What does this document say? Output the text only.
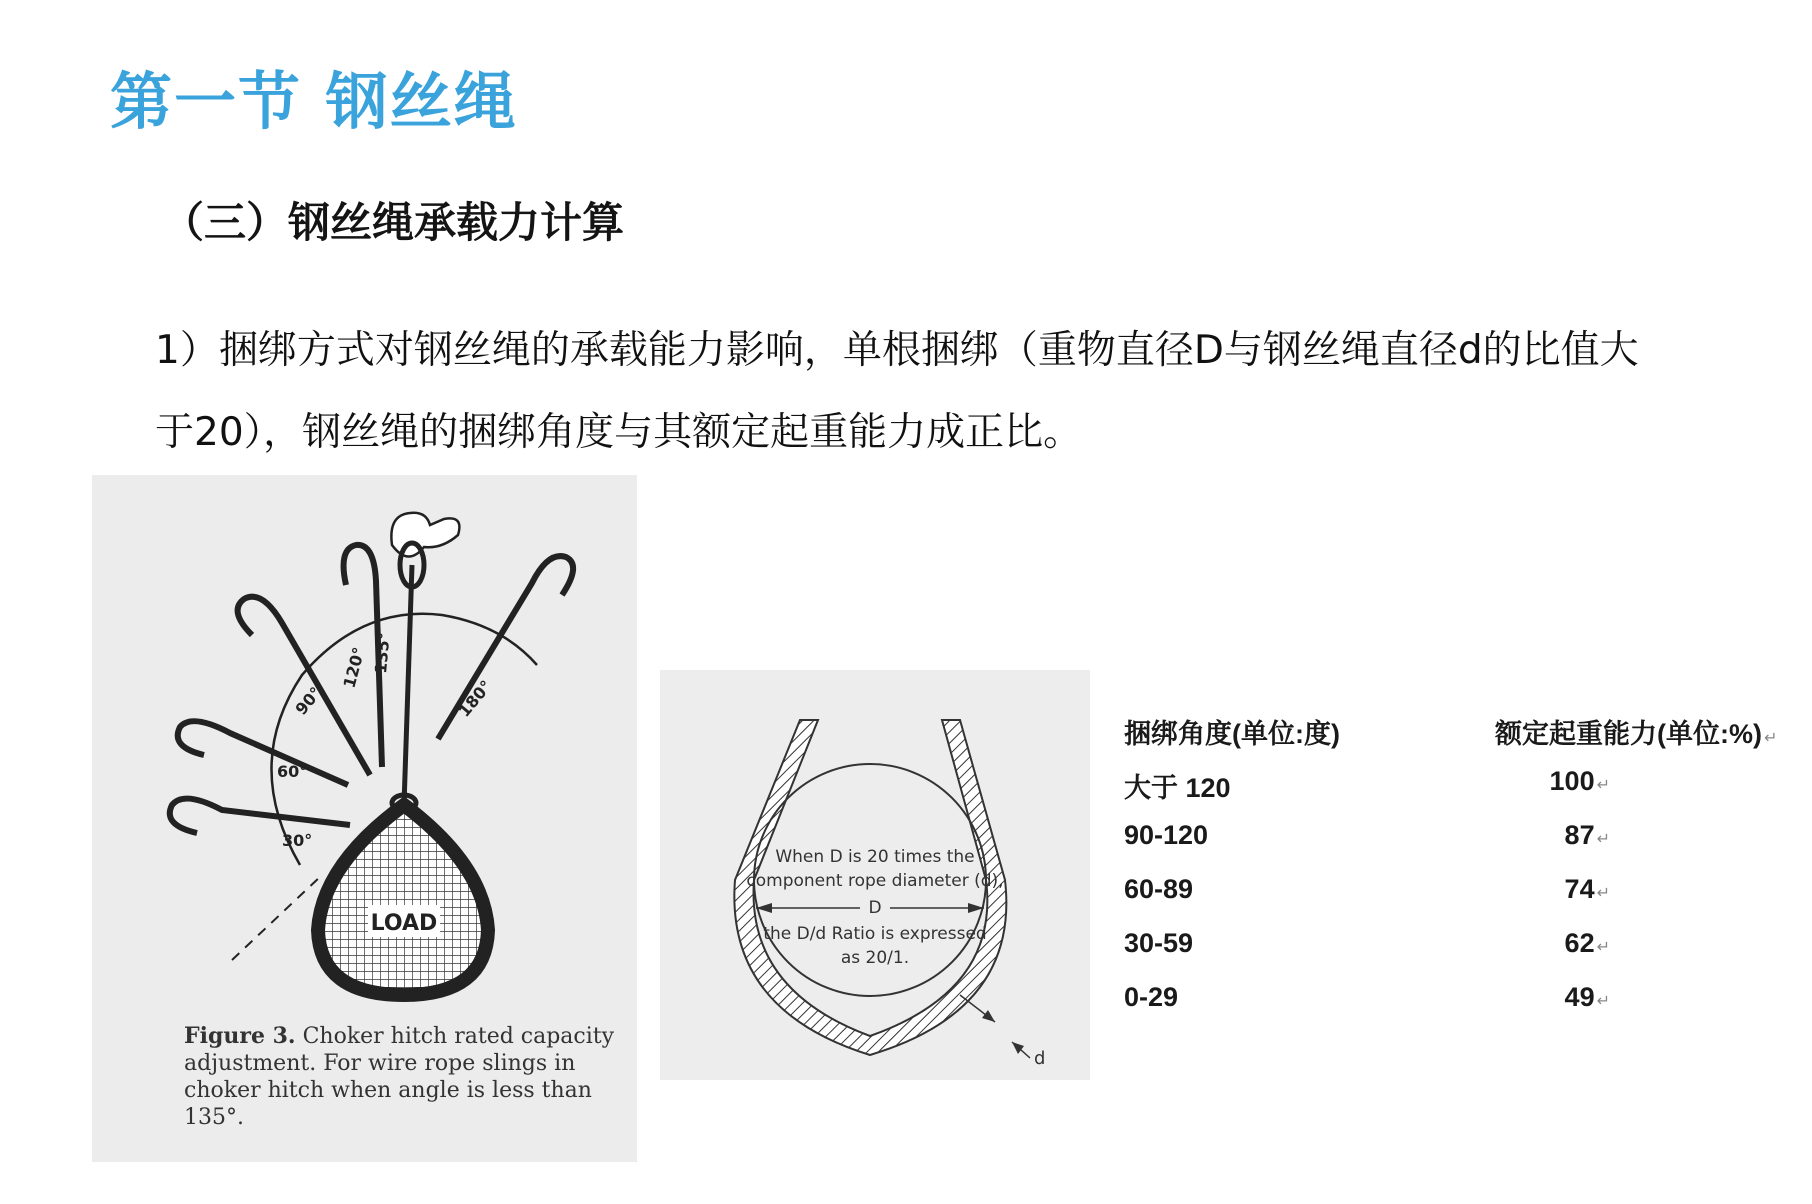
第一节 钢丝绳
（三）钢丝绳承载力计算
1）捆绑方式对钢丝绳的承载能力影响，单根捆绑（重物直径D与钢丝绳直径d的比值大于20），钢丝绳的捆绑角度与其额定起重能力成正比。
LOAD
30°
60°
90°
120° 135°
180°
Figure 3. Choker hitch rated capacity adjustment. For wire rope slings in choker hitch when angle is less than 135°.
d
When D is 20 times the
component rope diameter (d),
D
the D/d Ratio is expressed
as 20/1.
捆绑角度(单位:度)	额定起重能力(单位:%) ↵
大于 120	100 ↵
90-120	87 ↵
60-89	74 ↵
30-59	62 ↵
0-29	49 ↵
